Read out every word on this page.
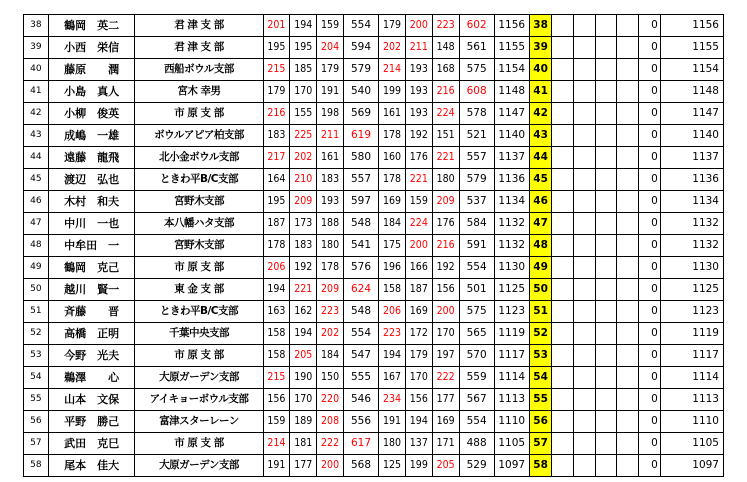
38	鶴岡　英二	君 津 支 部	201	194	159	554	179	200	223	602	1156	38					0	1156
39	小西　栄信	君 津 支 部	195	195	204	594	202	211	148	561	1155	39					0	1155
40	藤原　　潤	西船ボウル支部	215	185	179	579	214	193	168	575	1154	40					0	1154
41	小島　真人	宮木 幸男	179	170	191	540	199	193	216	608	1148	41					0	1148
42	小柳　俊英	市 原 支 部	216	155	198	569	161	193	224	578	1147	42					0	1147
43	成嶋　一雄	ボウルアピア柏支部	183	225	211	619	178	192	151	521	1140	43					0	1140
44	遠藤　龍飛	北小金ボウル支部	217	202	161	580	160	176	221	557	1137	44					0	1137
45	渡辺　弘也	ときわ平B/C支部	164	210	183	557	178	221	180	579	1136	45					0	1136
46	木村　和夫	宮野木支部	195	209	193	597	169	159	209	537	1134	46					0	1134
47	中川　一也	本八幡ハタ支部	187	173	188	548	184	224	176	584	1132	47					0	1132
48	中牟田　一	宮野木支部	178	183	180	541	175	200	216	591	1132	48					0	1132
49	鶴岡　克己	市 原 支 部	206	192	178	576	196	166	192	554	1130	49					0	1130
50	越川　賢一	東 金 支 部	194	221	209	624	158	187	156	501	1125	50					0	1125
51	斉藤　　晋	ときわ平B/C支部	163	162	223	548	206	169	200	575	1123	51					0	1123
52	高橋　正明	千葉中央支部	158	194	202	554	223	172	170	565	1119	52					0	1119
53	今野　光夫	市 原 支 部	158	205	184	547	194	179	197	570	1117	53					0	1117
54	鵜澤　　心	大原ガーデン支部	215	190	150	555	167	170	222	559	1114	54					0	1114
55	山本　文保	アイキョーボウル支部	156	170	220	546	234	156	177	567	1113	55					0	1113
56	平野　勝己	富津スターレーン	159	189	208	556	191	194	169	554	1110	56					0	1110
57	武田　克巳	市 原 支 部	214	181	222	617	180	137	171	488	1105	57					0	1105
58	尾本　佳大	大原ガーデン支部	191	177	200	568	125	199	205	529	1097	58					0	1097
